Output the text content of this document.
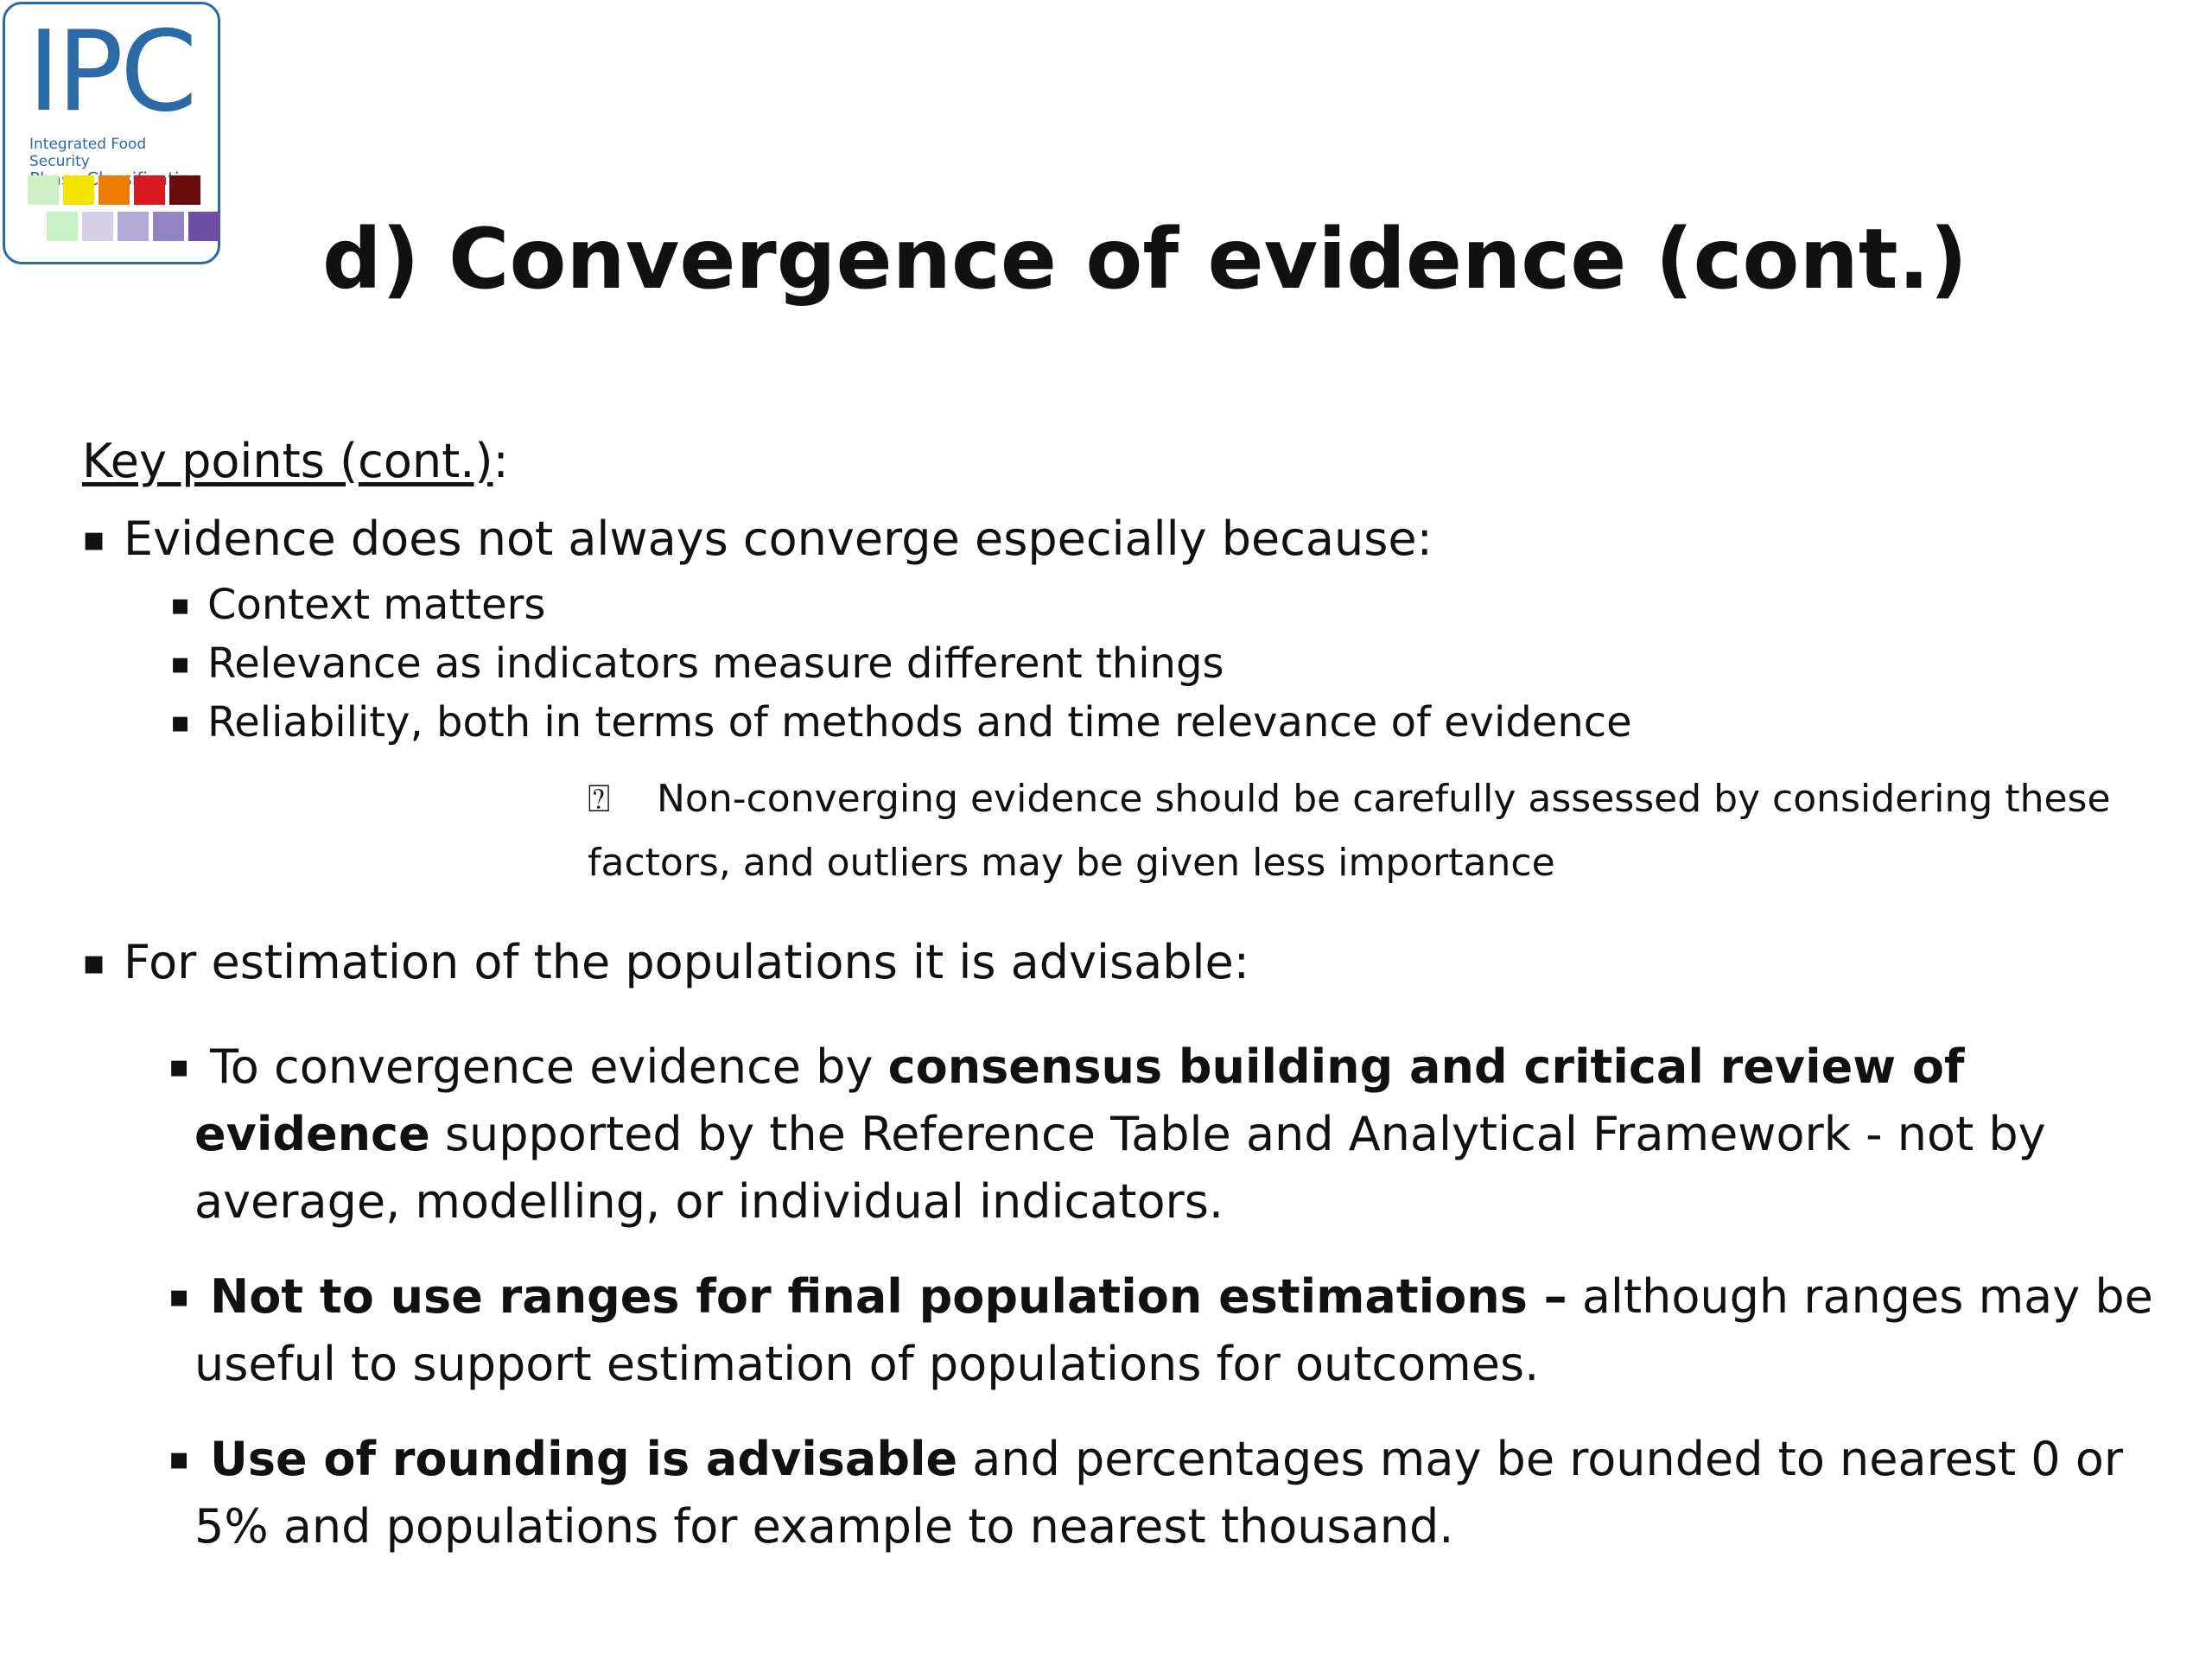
IPC
Integrated Food Security
d) Convergence of evidence (cont.)

Key points (cont.):

▪ Evidence does not always converge especially because:

▪ Context matters

▪ Relevance as indicators measure different things

▪ Reliability, both in terms of methods and time relevance of evidence

⍰ Non-converging evidence should be carefully assessed by considering these factors, and outliers may be given less importance

▪ For estimation of the populations it is advisable:

▪ To convergence evidence by consensus building and critical review of evidence supported by the Reference Table and Analytical Framework - not by average, modelling, or individual indicators.

▪ Not to use ranges for final population estimations – although ranges may be useful to support estimation of populations for outcomes.

▪ Use of rounding is advisable and percentages may be rounded to nearest 0 or 5% and populations for example to nearest thousand.
